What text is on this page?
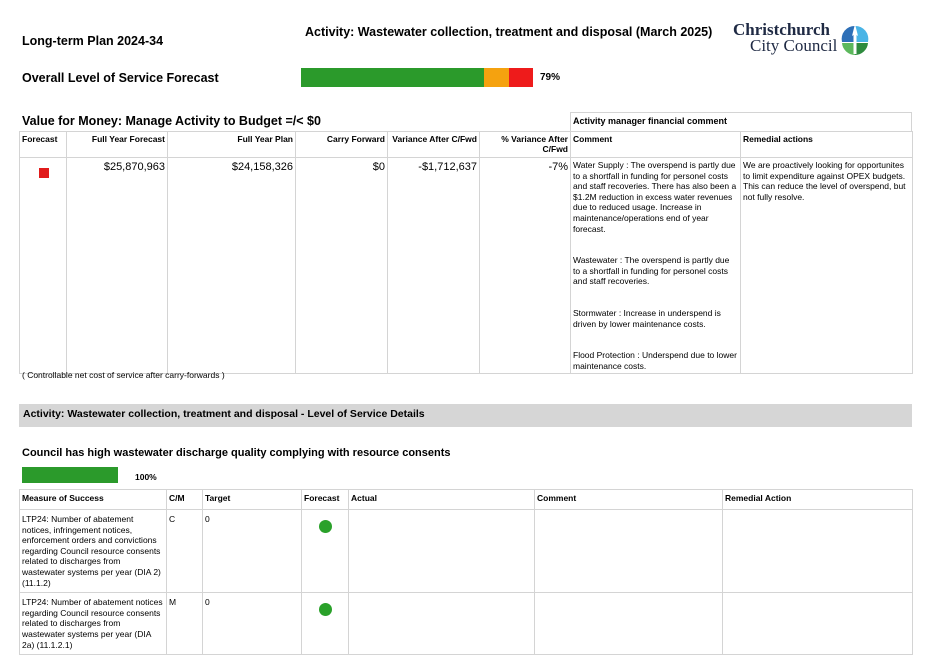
Long-term Plan 2024-34
Activity: Wastewater collection, treatment and disposal (March 2025) Christchurch
City Council
Overall Level of Service Forecast	79%
Value for Money: Manage Activity to Budget =/< $0	Activity manager financial comment
Forecast	Full Year Forecast	Full Year Plan	Carry Forward	Variance After C/Fwd	% Variance After C/Fwd	Comment	Remedial actions
	$25,870,963	$24,158,326	$0	-$1,712,637	-7%	Water Supply : The overspend is partly due to a shortfall in funding for personel costs and staff recoveries. There has also been a $1.2M reduction in excess water revenues due to reduced usage. Increase in maintenance/operations end of year forecast.

Wastewater : The overspend is partly due to a shortfall in funding for personel costs and staff recoveries.

Stormwater : Increase in underspend is driven by lower maintenance costs.

Flood Protection : Underspend due to lower maintenance costs.	We are proactively looking for opportunites to limit expenditure against OPEX budgets. This can reduce the level of overspend, but not fully resolve.
( Controllable net cost of service after carry-forwards )
Activity: Wastewater collection, treatment and disposal - Level of Service Details
Council has high wastewater discharge quality complying with resource consents
100%
Measure of Success	C/M	Target	Forecast	Actual	Comment	Remedial Action
LTP24: Number of abatement notices, infringement notices, enforcement orders and convictions regarding Council resource consents related to discharges from wastewater systems per year (DIA 2) (11.1.2)	C	0				
LTP24: Number of abatement notices regarding Council resource consents related to discharges from wastewater systems per year (DIA 2a) (11.1.2.1)	M	0				
